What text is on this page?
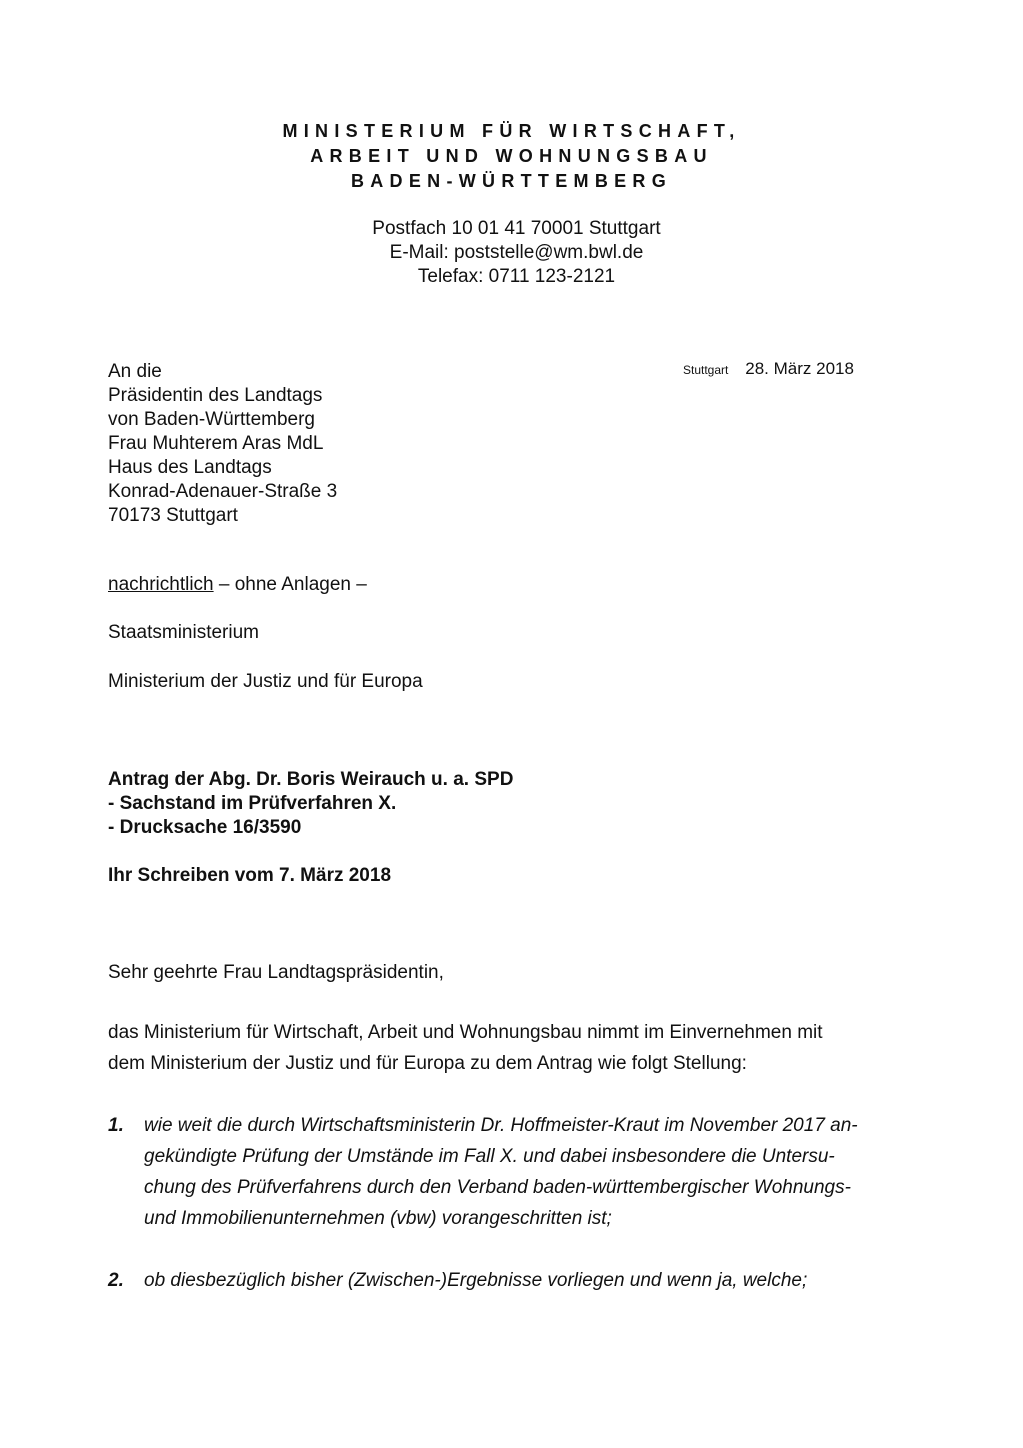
MINISTERIUM FÜR WIRTSCHAFT,
ARBEIT UND WOHNUNGSBAU
BADEN-WÜRTTEMBERG
Postfach 10 01 41 70001 Stuttgart
E-Mail: poststelle@wm.bwl.de
Telefax: 0711 123-2121
An die
Präsidentin des Landtags
von Baden-Württemberg
Frau Muhterem Aras MdL
Haus des Landtags
Konrad-Adenauer-Straße 3
70173 Stuttgart
Stuttgart 28. März 2018
nachrichtlich – ohne Anlagen –
Staatsministerium
Ministerium der Justiz und für Europa
Antrag der Abg. Dr. Boris Weirauch u. a. SPD
- Sachstand im Prüfverfahren X.
- Drucksache 16/3590
Ihr Schreiben vom 7. März 2018
Sehr geehrte Frau Landtagspräsidentin,
das Ministerium für Wirtschaft, Arbeit und Wohnungsbau nimmt im Einvernehmen mit
dem Ministerium der Justiz und für Europa zu dem Antrag wie folgt Stellung:
1. wie weit die durch Wirtschaftsministerin Dr. Hoffmeister-Kraut im November 2017 an-
gekündigte Prüfung der Umstände im Fall X. und dabei insbesondere die Untersu-
chung des Prüfverfahrens durch den Verband baden-württembergischer Wohnungs-
und Immobilienunternehmen (vbw) vorangeschritten ist;
2. ob diesbezüglich bisher (Zwischen-)Ergebnisse vorliegen und wenn ja, welche;
